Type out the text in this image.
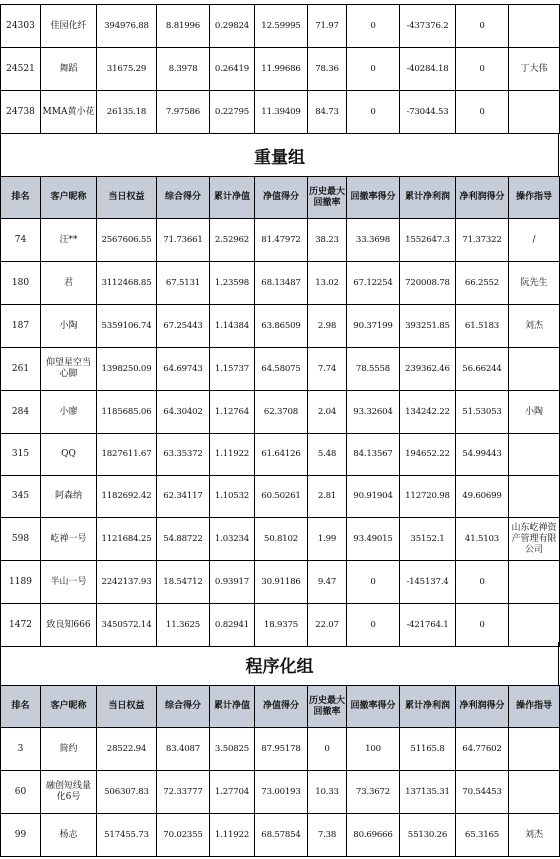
24303	佳园化纤	394976.88	8.81996	0.29824	12.59995	71.97	0	-437376.2	0	
24521	舞蹈	31675.29	8.3978	0.26419	11.99686	78.36	0	-40284.18	0	丁大伟
24738	MMA黄小花	26135.18	7.97586	0.22795	11.39409	84.73	0	-73044.53	0	
重量组
排名	客户昵称	当日权益	综合得分	累计净值	净值得分	历史最大回撤率	回撤率得分	累计净利润	净利润得分	操作指导
74	汪**	2567606.55	71.73661	2.52962	81.47972	38.23	33.3698	1552647.3	71.37322	/
180	君	3112468.85	67.5131	1.23598	68.13487	13.02	67.12254	720008.78	66.2552	阮先生
187	小陶	5359106.74	67.25443	1.14384	63.86509	2.98	90.37199	393251.85	61.5183	刘杰
261	仰望星空当心脚	1398250.09	64.69743	1.15737	64.58075	7.74	78.5558	239362.46	56.66244	
284	小廖	1185685.06	64.30402	1.12764	62.3708	2.04	93.32604	134242.22	51.53053	小陶
315	QQ	1827611.67	63.35372	1.11922	61.64126	5.48	84.13567	194652.22	54.99443	
345	阿森纳	1182692.42	62.34117	1.10532	60.50261	2.81	90.91904	112720.98	49.60699	
598	屹禅一号	1121684.25	54.88722	1.03234	50.8102	1.99	93.49015	35152.1	41.5103	山东屹禅资产管理有限公司
1189	半山一号	2242137.93	18.54712	0.93917	30.91186	9.47	0	-145137.4	0	
1472	致良知666	3450572.14	11.3625	0.82941	18.9375	22.07	0	-421764.1	0	
程序化组
排名	客户昵称	当日权益	综合得分	累计净值	净值得分	历史最大回撤率	回撤率得分	累计净利润	净利润得分	操作指导
3	简约	28522.94	83.4087	3.50825	87.95178	0	100	51165.8	64.77602	
60	融创短线量化6号	506307.83	72.33777	1.27704	73.00193	10.33	73.3672	137135.31	70.54453	
99	杨志	517455.73	70.02355	1.11922	68.57854	7.38	80.69666	55130.26	65.3165	刘杰
